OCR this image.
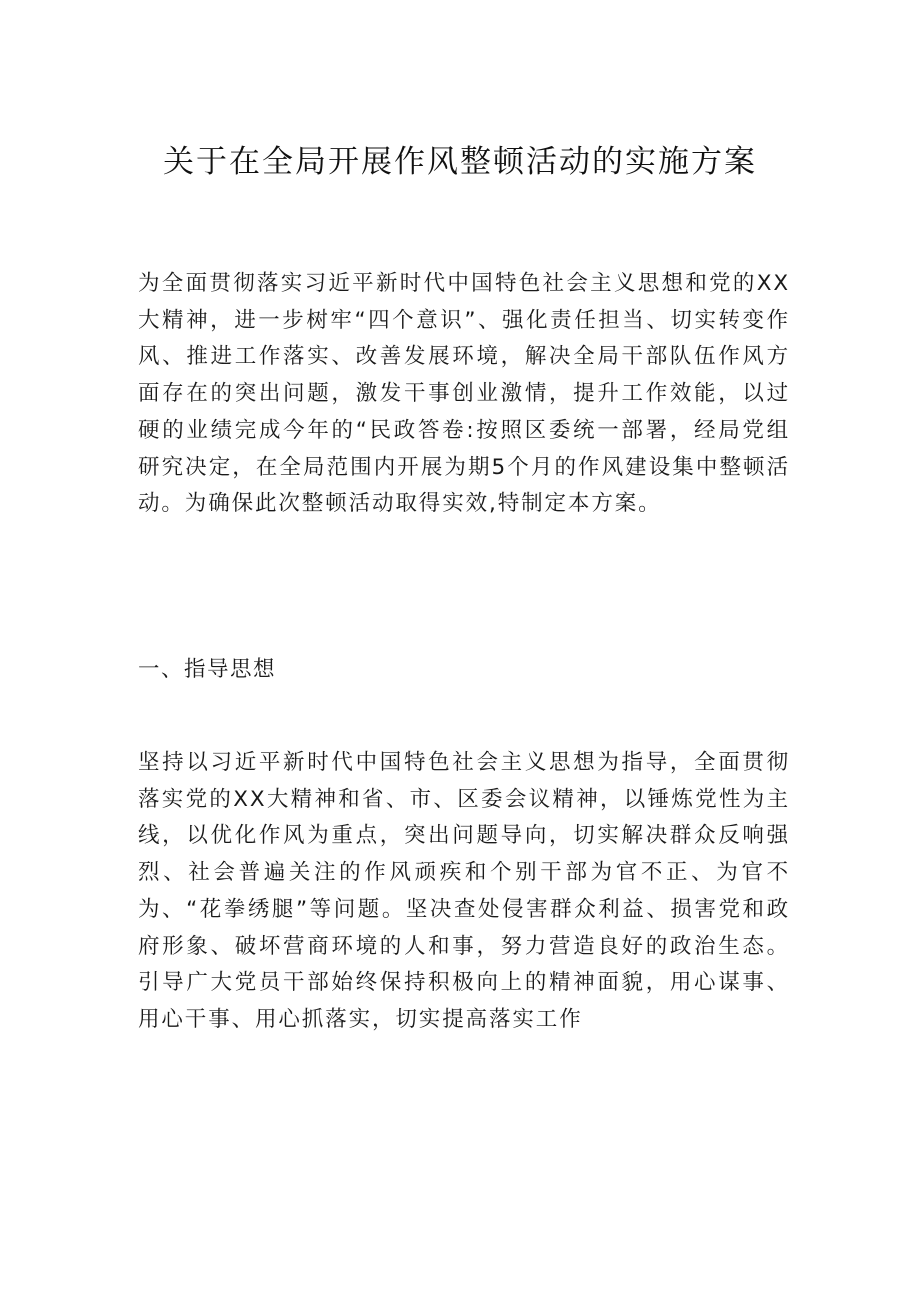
关于在全局开展作风整顿活动的实施方案

为全面贯彻落实习近平新时代中国特色社会主义思想和党的XX大精神，进一步树牢“四个意识”、强化责任担当、切实转变作风、推进工作落实、改善发展环境，解决全局干部队伍作风方面存在的突出问题，激发干事创业激情，提升工作效能，以过硬的业绩完成今年的“民政答卷:按照区委统一部署，经局党组研究决定，在全局范围内开展为期5个月的作风建设集中整顿活动。为确保此次整顿活动取得实效,特制定本方案。

一、指导思想

坚持以习近平新时代中国特色社会主义思想为指导，全面贯彻落实党的XX大精神和省、市、区委会议精神，以锤炼党性为主线，以优化作风为重点，突出问题导向，切实解决群众反响强烈、社会普遍关注的作风顽疾和个别干部为官不正、为官不为、“花拳绣腿”等问题。坚决查处侵害群众利益、损害党和政府形象、破坏营商环境的人和事，努力营造良好的政治生态。引导广大党员干部始终保持积极向上的精神面貌，用心谋事、用心干事、用心抓落实，切实提高落实工作
